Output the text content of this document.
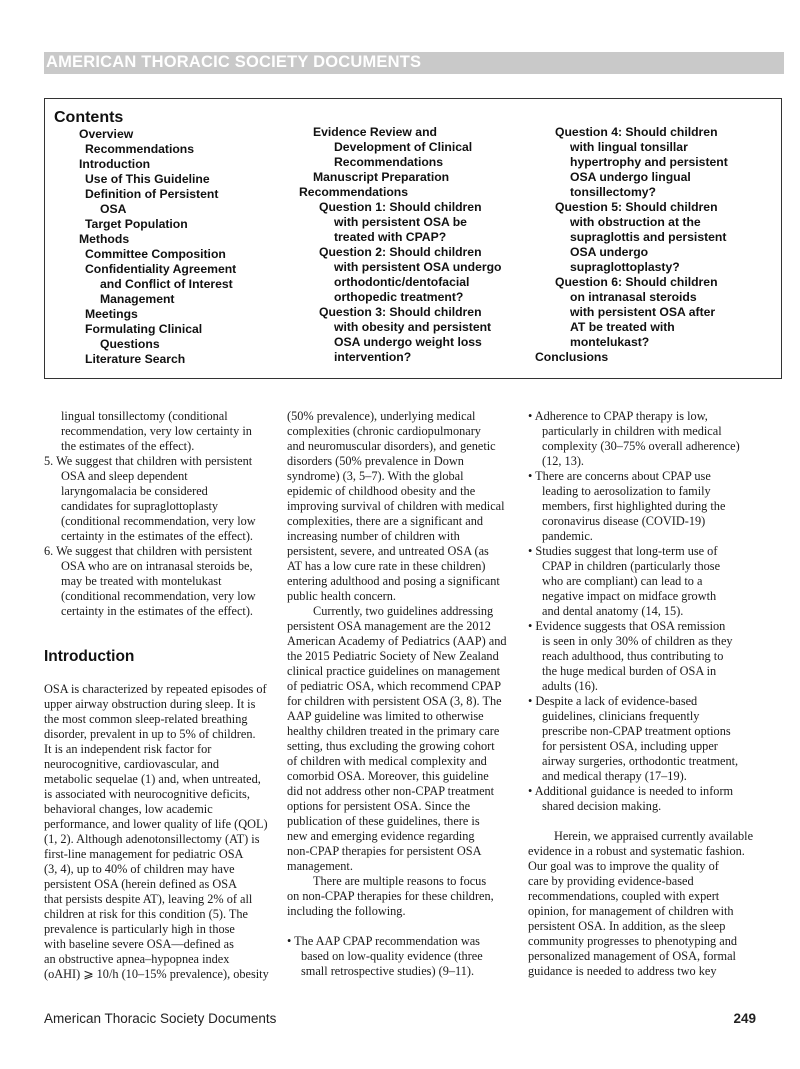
AMERICAN THORACIC SOCIETY DOCUMENTS
Contents
Overview
Recommendations
Introduction
Use of This Guideline
Definition of Persistent
OSA
Target Population
Methods
Committee Composition
Confidentiality Agreement
and Conflict of Interest
Management
Meetings
Formulating Clinical
Questions
Literature Search
Evidence Review and
Development of Clinical
Recommendations
Manuscript Preparation
Recommendations
Question 1: Should children
with persistent OSA be
treated with CPAP?
Question 2: Should children
with persistent OSA undergo
orthodontic/dentofacial
orthopedic treatment?
Question 3: Should children
with obesity and persistent
OSA undergo weight loss
intervention?
Question 4: Should children
with lingual tonsillar
hypertrophy and persistent
OSA undergo lingual
tonsillectomy?
Question 5: Should children
with obstruction at the
supraglottis and persistent
OSA undergo
supraglottoplasty?
Question 6: Should children
on intranasal steroids
with persistent OSA after
AT be treated with
montelukast?
Conclusions

lingual tonsillectomy (conditional

recommendation, very low certainty in

the estimates of the effect).

5. We suggest that children with persistent

OSA and sleep dependent

laryngomalacia be considered

candidates for supraglottoplasty

(conditional recommendation, very low

certainty in the estimates of the effect).

6. We suggest that children with persistent

OSA who are on intranasal steroids be,

may be treated with montelukast

(conditional recommendation, very low

certainty in the estimates of the effect).

Introduction

OSA is characterized by repeated episodes of

upper airway obstruction during sleep. It is

the most common sleep-related breathing

disorder, prevalent in up to 5% of children.

It is an independent risk factor for

neurocognitive, cardiovascular, and

metabolic sequelae (1) and, when untreated,

is associated with neurocognitive deficits,

behavioral changes, low academic

performance, and lower quality of life (QOL)

(1, 2). Although adenotonsillectomy (AT) is

first-line management for pediatric OSA

(3, 4), up to 40% of children may have

persistent OSA (herein defined as OSA

that persists despite AT), leaving 2% of all

children at risk for this condition (5). The

prevalence is particularly high in those

with baseline severe OSA—defined as

an obstructive apnea–hypopnea index

(oAHI) ⩾ 10/h (10–15% prevalence), obesity

(50% prevalence), underlying medical

complexities (chronic cardiopulmonary

and neuromuscular disorders), and genetic

disorders (50% prevalence in Down

syndrome) (3, 5–7). With the global

epidemic of childhood obesity and the

improving survival of children with medical

complexities, there are a significant and

increasing number of children with

persistent, severe, and untreated OSA (as

AT has a low cure rate in these children)

entering adulthood and posing a significant

public health concern.

Currently, two guidelines addressing

persistent OSA management are the 2012

American Academy of Pediatrics (AAP) and

the 2015 Pediatric Society of New Zealand

clinical practice guidelines on management

of pediatric OSA, which recommend CPAP

for children with persistent OSA (3, 8). The

AAP guideline was limited to otherwise

healthy children treated in the primary care

setting, thus excluding the growing cohort

of children with medical complexity and

comorbid OSA. Moreover, this guideline

did not address other non-CPAP treatment

options for persistent OSA. Since the

publication of these guidelines, there is

new and emerging evidence regarding

non-CPAP therapies for persistent OSA

management.

There are multiple reasons to focus

on non-CPAP therapies for these children,

including the following.

• The AAP CPAP recommendation was

based on low-quality evidence (three

small retrospective studies) (9–11).

• Adherence to CPAP therapy is low,

particularly in children with medical

complexity (30–75% overall adherence)

(12, 13).

• There are concerns about CPAP use

leading to aerosolization to family

members, first highlighted during the

coronavirus disease (COVID-19)

pandemic.

• Studies suggest that long-term use of

CPAP in children (particularly those

who are compliant) can lead to a

negative impact on midface growth

and dental anatomy (14, 15).

• Evidence suggests that OSA remission

is seen in only 30% of children as they

reach adulthood, thus contributing to

the huge medical burden of OSA in

adults (16).

• Despite a lack of evidence-based

guidelines, clinicians frequently

prescribe non-CPAP treatment options

for persistent OSA, including upper

airway surgeries, orthodontic treatment,

and medical therapy (17–19).

• Additional guidance is needed to inform

shared decision making.

Herein, we appraised currently available

evidence in a robust and systematic fashion.

Our goal was to improve the quality of

care by providing evidence-based

recommendations, coupled with expert

opinion, for management of children with

persistent OSA. In addition, as the sleep

community progresses to phenotyping and

personalized management of OSA, formal

guidance is needed to address two key

American Thoracic Society Documents	249
